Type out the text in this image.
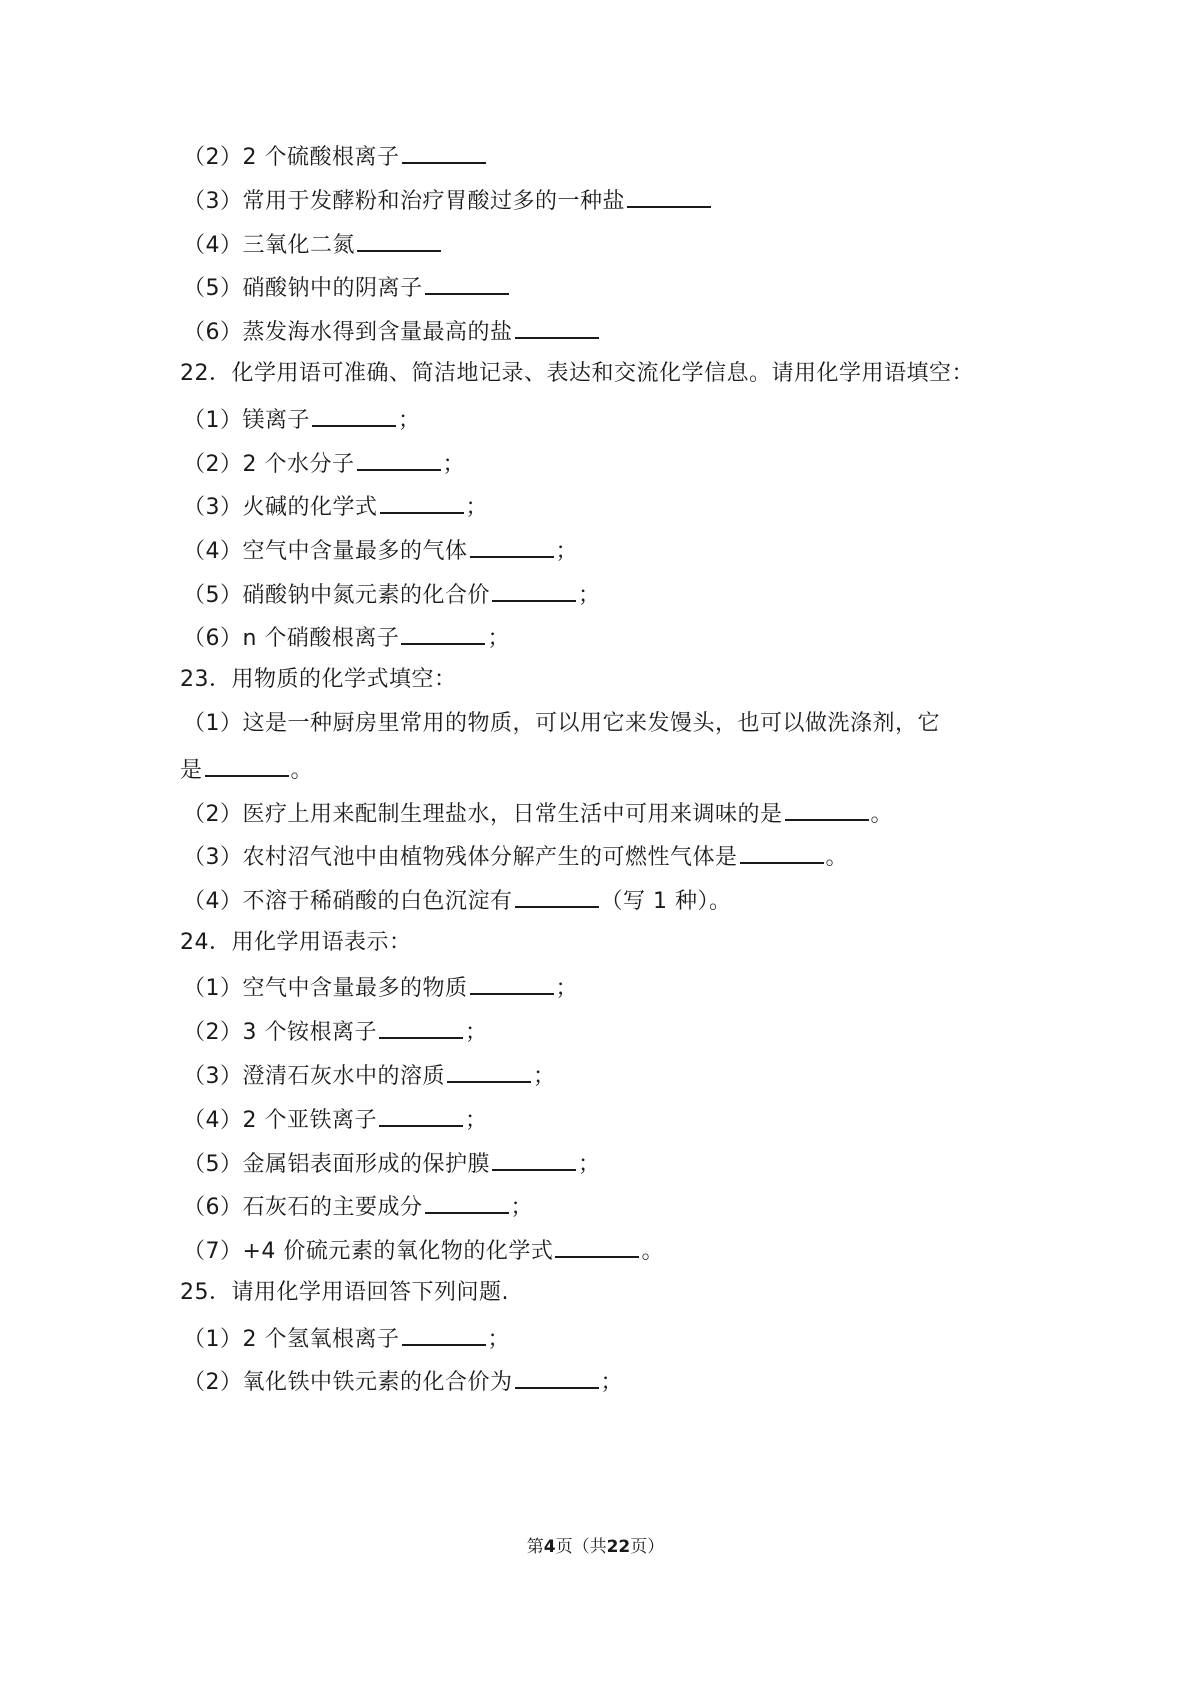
（2）2 个硫酸根离子
（3）常用于发酵粉和治疗胃酸过多的一种盐
（4）三氧化二氮
（5）硝酸钠中的阴离子
（6）蒸发海水得到含量最高的盐
22．化学用语可准确、简洁地记录、表达和交流化学信息。请用化学用语填空：
（1）镁离子	；
（2）2 个水分子	；
（3）火碱的化学式	；
（4）空气中含量最多的气体	；
（5）硝酸钠中氮元素的化合价	；
（6）n 个硝酸根离子	；
23．用物质的化学式填空：
（1）这是一种厨房里常用的物质，可以用它来发馒头，也可以做洗涤剂，它
是	。
（2）医疗上用来配制生理盐水，日常生活中可用来调味的是	。
（3）农村沼气池中由植物残体分解产生的可燃性气体是	。
（4）不溶于稀硝酸的白色沉淀有	（写 1 种）。
24．用化学用语表示：
（1）空气中含量最多的物质	；
（2）3 个铵根离子	；
（3）澄清石灰水中的溶质	；
（4）2 个亚铁离子	；
（5）金属铝表面形成的保护膜	；
（6）石灰石的主要成分	；
（7）+4 价硫元素的氧化物的化学式	。
25．请用化学用语回答下列问题.
（1）2 个氢氧根离子	；
（2）氧化铁中铁元素的化合价为	；
第4页（共22页）
